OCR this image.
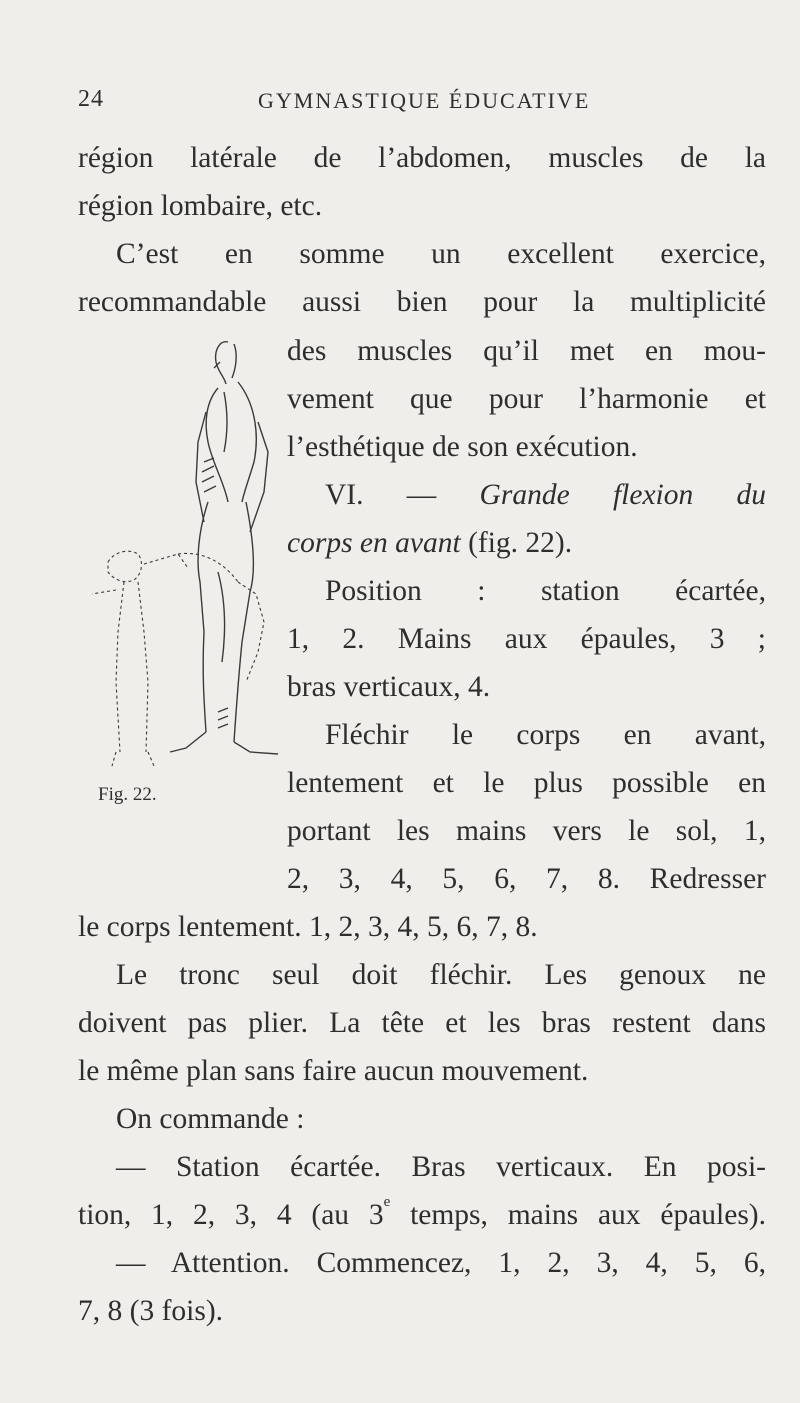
24	GYMNASTIQUE ÉDUCATIVE
région latérale de l’abdomen, muscles de la
région lombaire, etc.
C’est en somme un excellent exercice,
recommandable aussi bien pour la multiplicité
des muscles qu’il met en mou-
vement que pour l’harmonie et
l’esthétique de son exécution.
VI. — Grande flexion du
corps en avant (fig. 22).
Position : station écartée,
1, 2. Mains aux épaules, 3 ;
bras verticaux, 4.
Fléchir le corps en avant,
lentement et le plus possible en
portant les mains vers le sol, 1,
2, 3, 4, 5, 6, 7, 8. Redresser
le corps lentement. 1, 2, 3, 4, 5, 6, 7, 8.
Le tronc seul doit fléchir. Les genoux ne
doivent pas plier. La tête et les bras restent dans
le même plan sans faire aucun mouvement.
On commande :
— Station écartée. Bras verticaux. En posi-
tion, 1, 2, 3, 4 (au 3e temps, mains aux épaules).
— Attention. Commencez, 1, 2, 3, 4, 5, 6,
7, 8 (3 fois).
Fig. 22.
